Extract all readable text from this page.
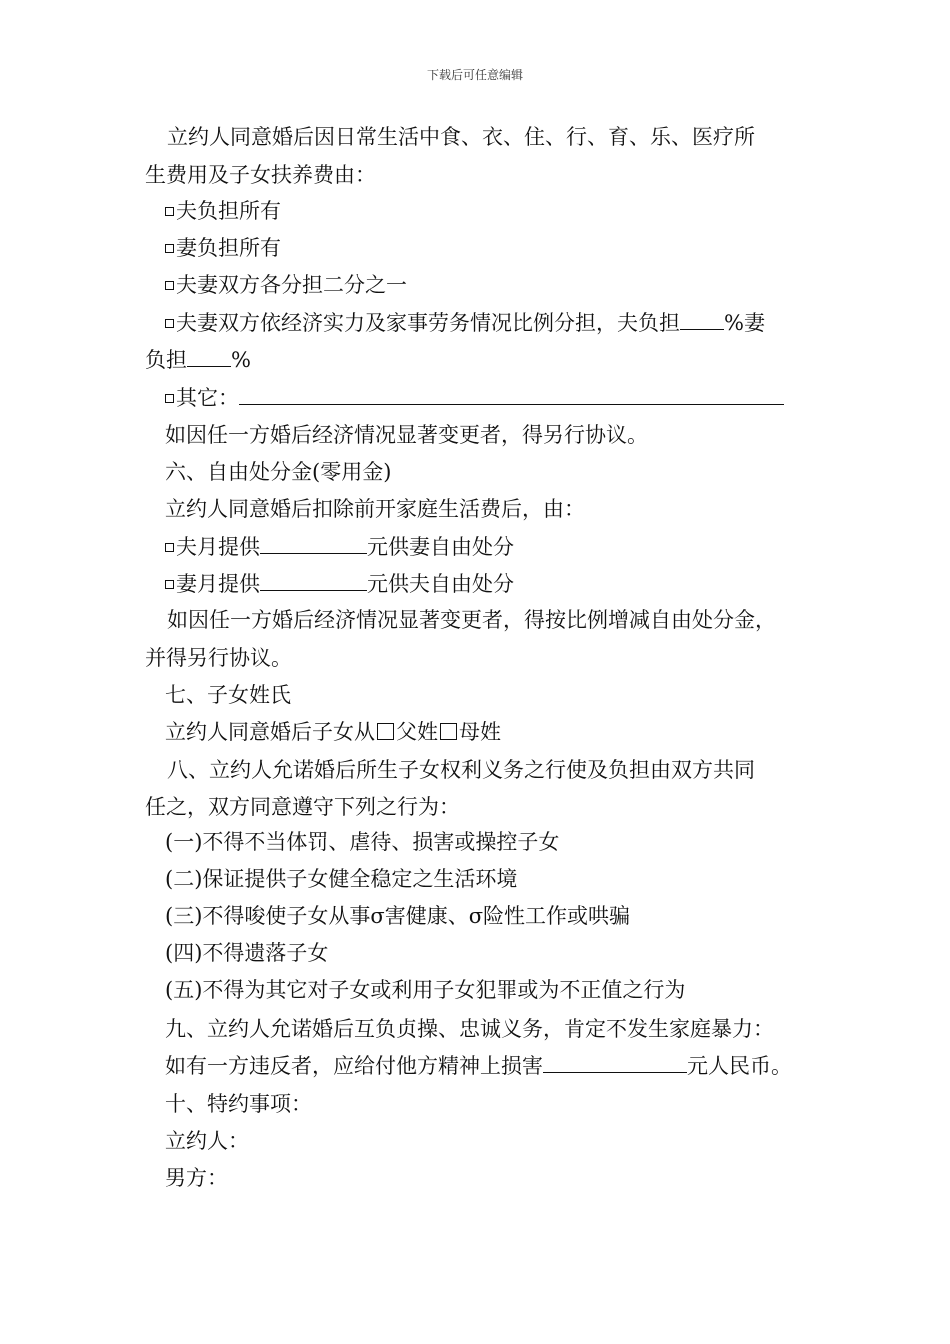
下载后可任意编辑
立约人同意婚后因日常生活中食、衣、住、行、育、乐、医疗所
生费用及子女扶养费由：
夫负担所有
妻负担所有
夫妻双方各分担二分之一
夫妻双方依经济实力及家事劳务情况比例分担，夫负担 %妻
负担 %
其它：
如因任一方婚后经济情况显著变更者，得另行协议。
六、自由处分金(零用金)
立约人同意婚后扣除前开家庭生活费后，由：
夫月提供	元供妻自由处分
妻月提供	元供夫自由处分
如因任一方婚后经济情况显著变更者，得按比例增减自由处分金，
并得另行协议。
七、子女姓氏
立约人同意婚后子女从 父姓 母姓
八、立约人允诺婚后所生子女权利义务之行使及负担由双方共同
任之，双方同意遵守下列之行为：
(一)不得不当体罚、虐待、损害或操控子女
(二)保证提供子女健全稳定之生活环境
(三)不得唆使子女从事σ害健康、σ险性工作或哄骗
(四)不得遗落子女
(五)不得为其它对子女或利用子女犯罪或为不正值之行为
九、立约人允诺婚后互负贞操、忠诚义务，肯定不发生家庭暴力：
如有一方违反者，应给付他方精神上损害	元人民币。
十、特约事项：
立约人：
男方：
